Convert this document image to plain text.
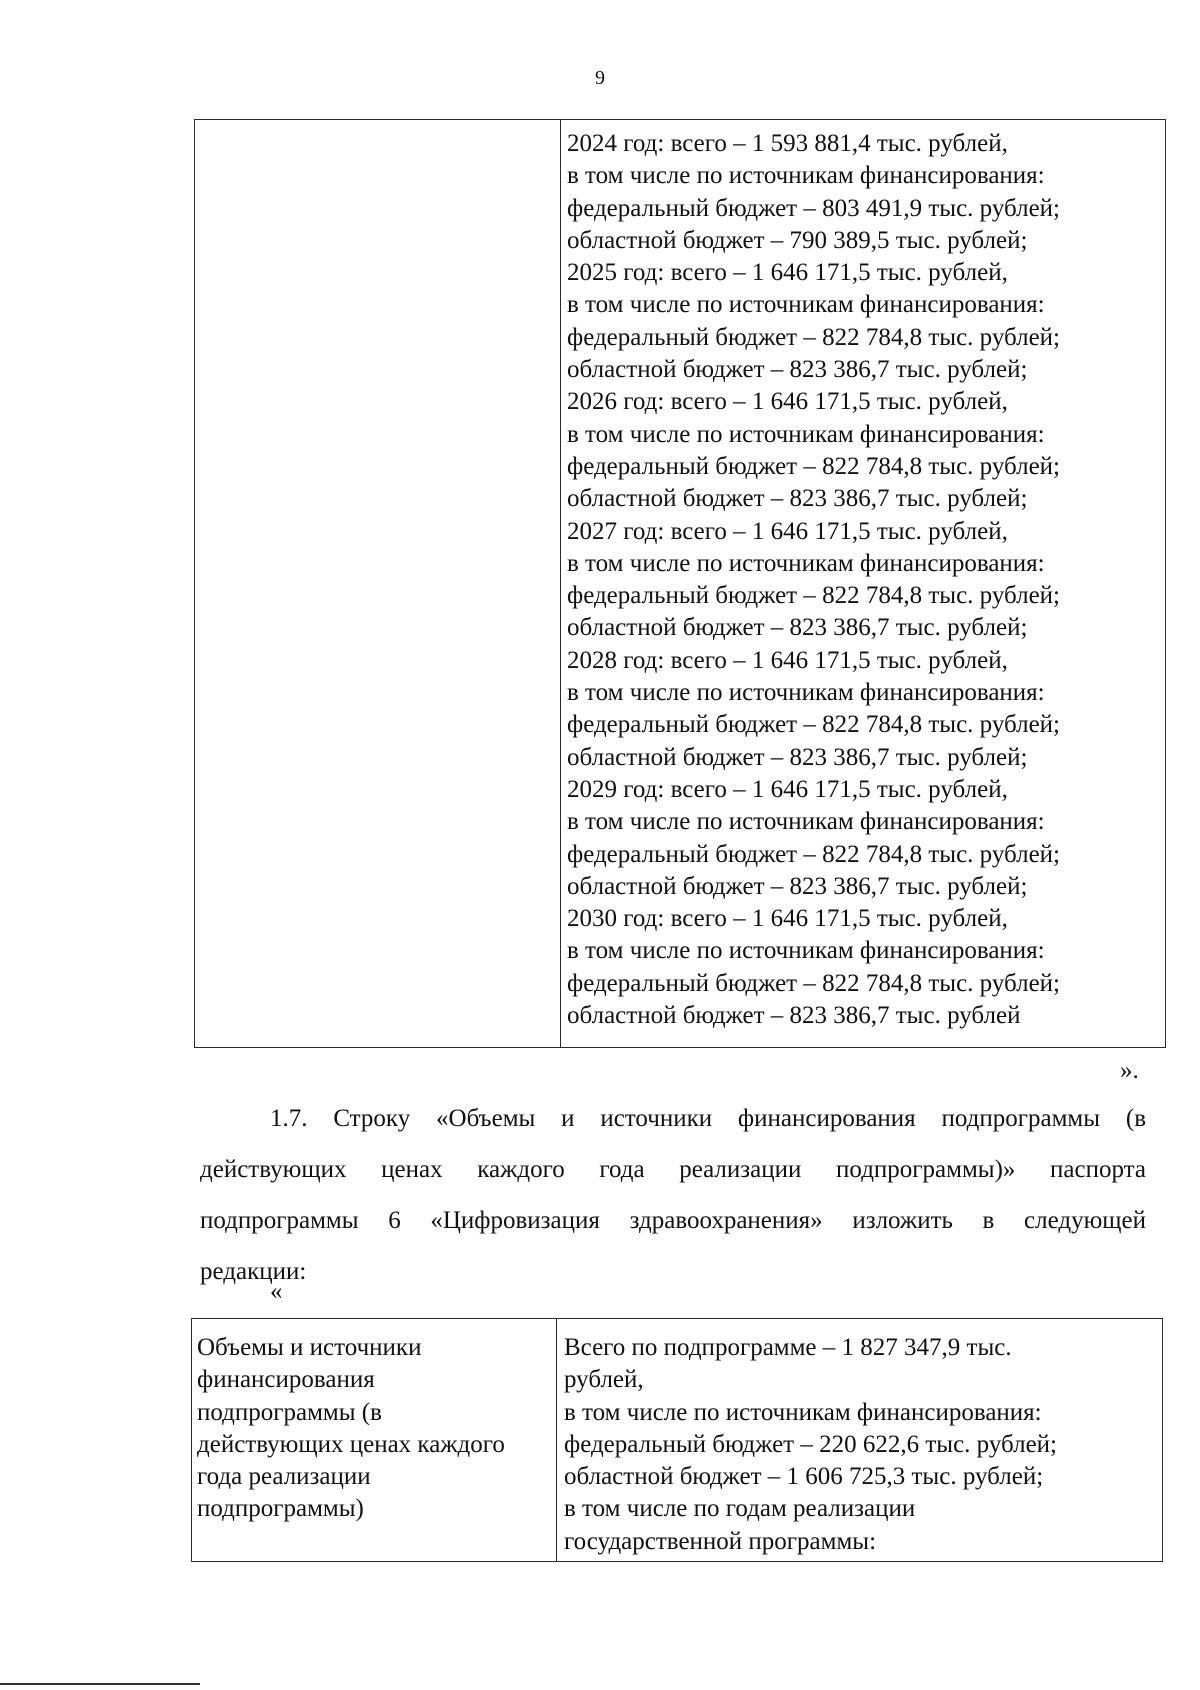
9
2024 год: всего – 1 593 881,4 тыс. рублей,
в том числе по источникам финансирования:
федеральный бюджет – 803 491,9 тыс. рублей;
областной бюджет – 790 389,5 тыс. рублей;
2025 год: всего – 1 646 171,5 тыс. рублей,
в том числе по источникам финансирования:
федеральный бюджет – 822 784,8 тыс. рублей;
областной бюджет – 823 386,7 тыс. рублей;
2026 год: всего – 1 646 171,5 тыс. рублей,
в том числе по источникам финансирования:
федеральный бюджет – 822 784,8 тыс. рублей;
областной бюджет – 823 386,7 тыс. рублей;
2027 год: всего – 1 646 171,5 тыс. рублей,
в том числе по источникам финансирования:
федеральный бюджет – 822 784,8 тыс. рублей;
областной бюджет – 823 386,7 тыс. рублей;
2028 год: всего – 1 646 171,5 тыс. рублей,
в том числе по источникам финансирования:
федеральный бюджет – 822 784,8 тыс. рублей;
областной бюджет – 823 386,7 тыс. рублей;
2029 год: всего – 1 646 171,5 тыс. рублей,
в том числе по источникам финансирования:
федеральный бюджет – 822 784,8 тыс. рублей;
областной бюджет – 823 386,7 тыс. рублей;
2030 год: всего – 1 646 171,5 тыс. рублей,
в том числе по источникам финансирования:
федеральный бюджет – 822 784,8 тыс. рублей;
областной бюджет – 823 386,7 тыс. рублей
».
1.7. Строку «Объемы и источники финансирования подпрограммы (в
действующих ценах каждого года реализации подпрограммы)» паспорта
подпрограммы 6 «Цифровизация здравоохранения» изложить в следующей
редакции:
«
Объемы и источники
финансирования
подпрограммы (в
действующих ценах каждого
года реализации
подпрограммы)
Всего по подпрограмме – 1 827 347,9 тыс.
рублей,
в том числе по источникам финансирования:
федеральный бюджет – 220 622,6 тыс. рублей;
областной бюджет – 1 606 725,3 тыс. рублей;
в том числе по годам реализации
государственной программы:
